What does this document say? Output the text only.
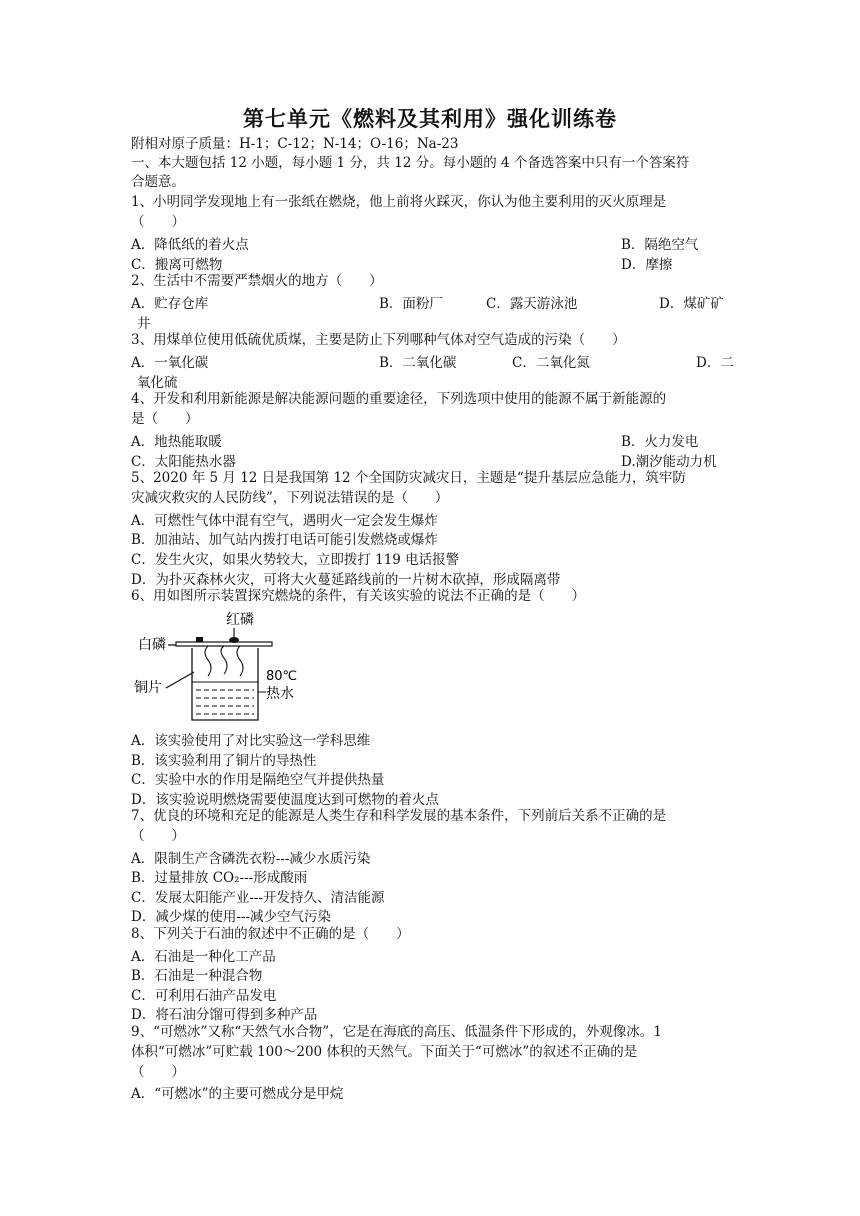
第七单元《燃料及其利用》强化训练卷
附相对原子质量：H-1；C-12；N-14；O-16；Na-23
一、本大题包括 12 小题，每小题 1 分，共 12 分。每小题的 4 个备选答案中只有一个答案符
合题意。
1、小明同学发现地上有一张纸在燃烧，他上前将火踩灭，你认为他主要利用的灭火原理是
（　　）
A．降低纸的着火点	B．隔绝空气
C．搬离可燃物	D．摩擦
2、生活中不需要严禁烟火的地方（　　）
A．贮存仓库	B．面粉厂	C．露天游泳池	D．煤矿矿
井
3、用煤单位使用低硫优质煤，主要是防止下列哪种气体对空气造成的污染（　　）
A．一氧化碳	B．二氧化碳	C．二氧化氮	D．二
氧化硫
4、开发和利用新能源是解决能源问题的重要途径，下列选项中使用的能源不属于新能源的
是（　　）
A．地热能取暖	B．火力发电
C．太阳能热水器	D.潮汐能动力机
5、2020 年 5 月 12 日是我国第 12 个全国防灾减灾日，主题是“提升基层应急能力，筑牢防
灾减灾救灾的人民防线”，下列说法错误的是（　　）
A．可燃性气体中混有空气，遇明火一定会发生爆炸
B．加油站、加气站内拨打电话可能引发燃烧或爆炸
C．发生火灾，如果火势较大，立即拨打 119 电话报警
D．为扑灭森林火灾，可将大火蔓延路线前的一片树木砍掉，形成隔离带
6、用如图所示装置探究燃烧的条件，有关该实验的说法不正确的是（　　）
红磷
白磷
铜片
80℃
热水
A．该实验使用了对比实验这一学科思维
B．该实验利用了铜片的导热性
C．实验中水的作用是隔绝空气并提供热量
D．该实验说明燃烧需要使温度达到可燃物的着火点
7、优良的环境和充足的能源是人类生存和科学发展的基本条件，下列前后关系不正确的是
（　　）
A．限制生产含磷洗衣粉---减少水质污染
B．过量排放 CO₂---形成酸雨
C．发展太阳能产业---开发持久、清洁能源
D．减少煤的使用---减少空气污染
8、下列关于石油的叙述中不正确的是（　　）
A．石油是一种化工产品
B．石油是一种混合物
C．可利用石油产品发电
D．将石油分馏可得到多种产品
9、“可燃冰”又称“天然气水合物”，它是在海底的高压、低温条件下形成的，外观像冰。1
体积“可燃冰”可贮载 100～200 体积的天然气。下面关于“可燃冰”的叙述不正确的是
（　　）
A．“可燃冰”的主要可燃成分是甲烷
